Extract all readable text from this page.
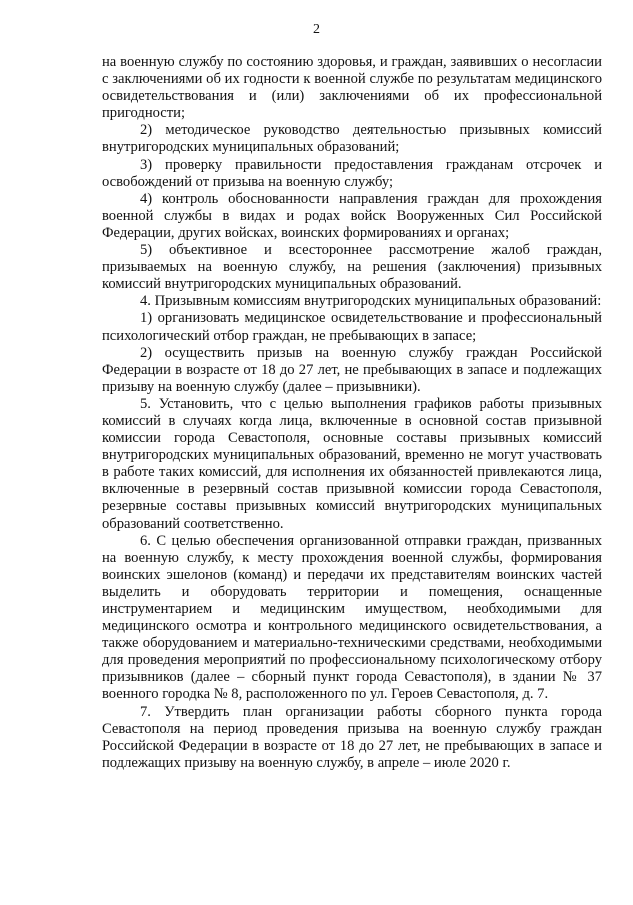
2

на военную службу по состоянию здоровья, и граждан, заявивших о несогласии с заключениями об их годности к военной службе по результатам медицинского освидетельствования и (или) заключениями об их профессиональной пригодности;

2) методическое руководство деятельностью призывных комиссий внутригородских муниципальных образований;

3) проверку правильности предоставления гражданам отсрочек и освобождений от призыва на военную службу;

4) контроль обоснованности направления граждан для прохождения военной службы в видах и родах войск Вооруженных Сил Российской Федерации, других войсках, воинских формированиях и органах;

5) объективное и всестороннее рассмотрение жалоб граждан, призываемых на военную службу, на решения (заключения) призывных комиссий внутригородских муниципальных образований.

4. Призывным комиссиям внутригородских муниципальных образований:

1) организовать медицинское освидетельствование и профессиональный психологический отбор граждан, не пребывающих в запасе;

2) осуществить призыв на военную службу граждан Российской Федерации в возрасте от 18 до 27 лет, не пребывающих в запасе и подлежащих призыву на военную службу (далее – призывники).

5. Установить, что с целью выполнения графиков работы призывных комиссий в случаях когда лица, включенные в основной состав призывной комиссии города Севастополя, основные составы призывных комиссий внутригородских муниципальных образований, временно не могут участвовать в работе таких комиссий, для исполнения их обязанностей привлекаются лица, включенные в резервный состав призывной комиссии города Севастополя, резервные составы призывных комиссий внутригородских муниципальных образований соответственно.

6. С целью обеспечения организованной отправки граждан, призванных на военную службу, к месту прохождения военной службы, формирования воинских эшелонов (команд) и передачи их представителям воинских частей выделить и оборудовать территории и помещения, оснащенные инструментарием и медицинским имуществом, необходимыми для медицинского осмотра и контрольного медицинского освидетельствования, а также оборудованием и материально-техническими средствами, необходимыми для проведения мероприятий по профессиональному психологическому отбору призывников (далее – сборный пункт города Севастополя), в здании № 37 военного городка № 8, расположенного по ул. Героев Севастополя, д. 7.

7. Утвердить план организации работы сборного пункта города Севастополя на период проведения призыва на военную службу граждан Российской Федерации в возрасте от 18 до 27 лет, не пребывающих в запасе и подлежащих призыву на военную службу, в апреле – июле 2020 г.
